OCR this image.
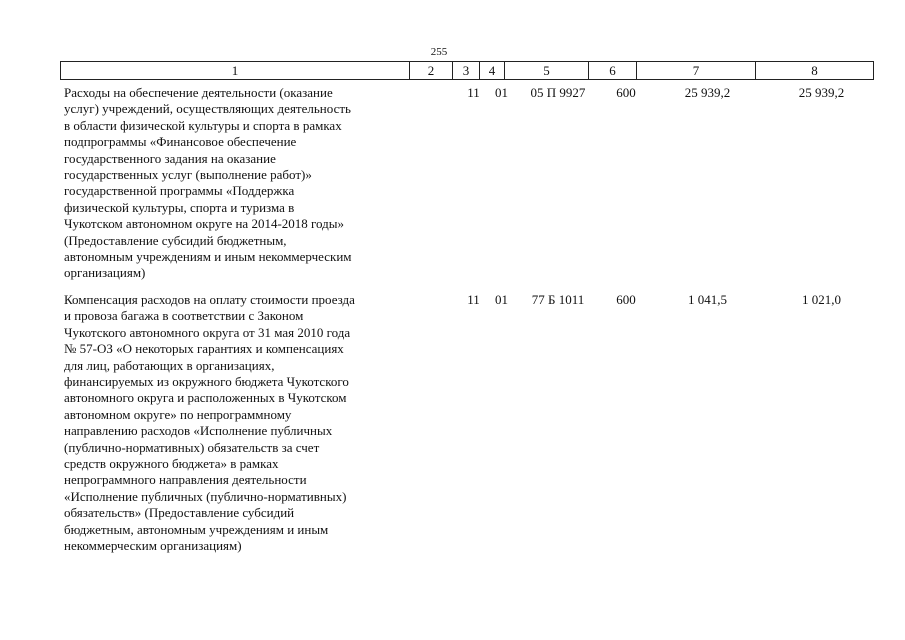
255
1	2	3	4	5	6	7	8
Расходы на обеспечение деятельности (оказание
услуг) учреждений, осуществляющих деятельность
в области физической культуры и спорта в рамках
подпрограммы «Финансовое обеспечение
государственного задания на оказание
государственных услуг (выполнение работ)»
государственной программы «Поддержка
физической культуры, спорта и туризма в
Чукотском автономном округе на 2014-2018 годы»
(Предоставление субсидий бюджетным,
автономным учреждениям и иным некоммерческим
организациям)
11	01	05 П 9927	600	25 939,2	25 939,2
Компенсация расходов на оплату стоимости проезда
и провоза багажа в соответствии с Законом
Чукотского автономного округа от 31 мая 2010 года
№ 57-ОЗ «О некоторых гарантиях и компенсациях
для лиц, работающих в организациях,
финансируемых из окружного бюджета Чукотского
автономного округа и расположенных в Чукотском
автономном округе» по непрограммному
направлению расходов «Исполнение публичных
(публично-нормативных) обязательств за счет
средств окружного бюджета» в рамках
непрограммного направления деятельности
«Исполнение публичных (публично-нормативных)
обязательств» (Предоставление субсидий
бюджетным, автономным учреждениям и иным
некоммерческим организациям)
11	01	77 Б 1011	600	1 041,5	1 021,0
